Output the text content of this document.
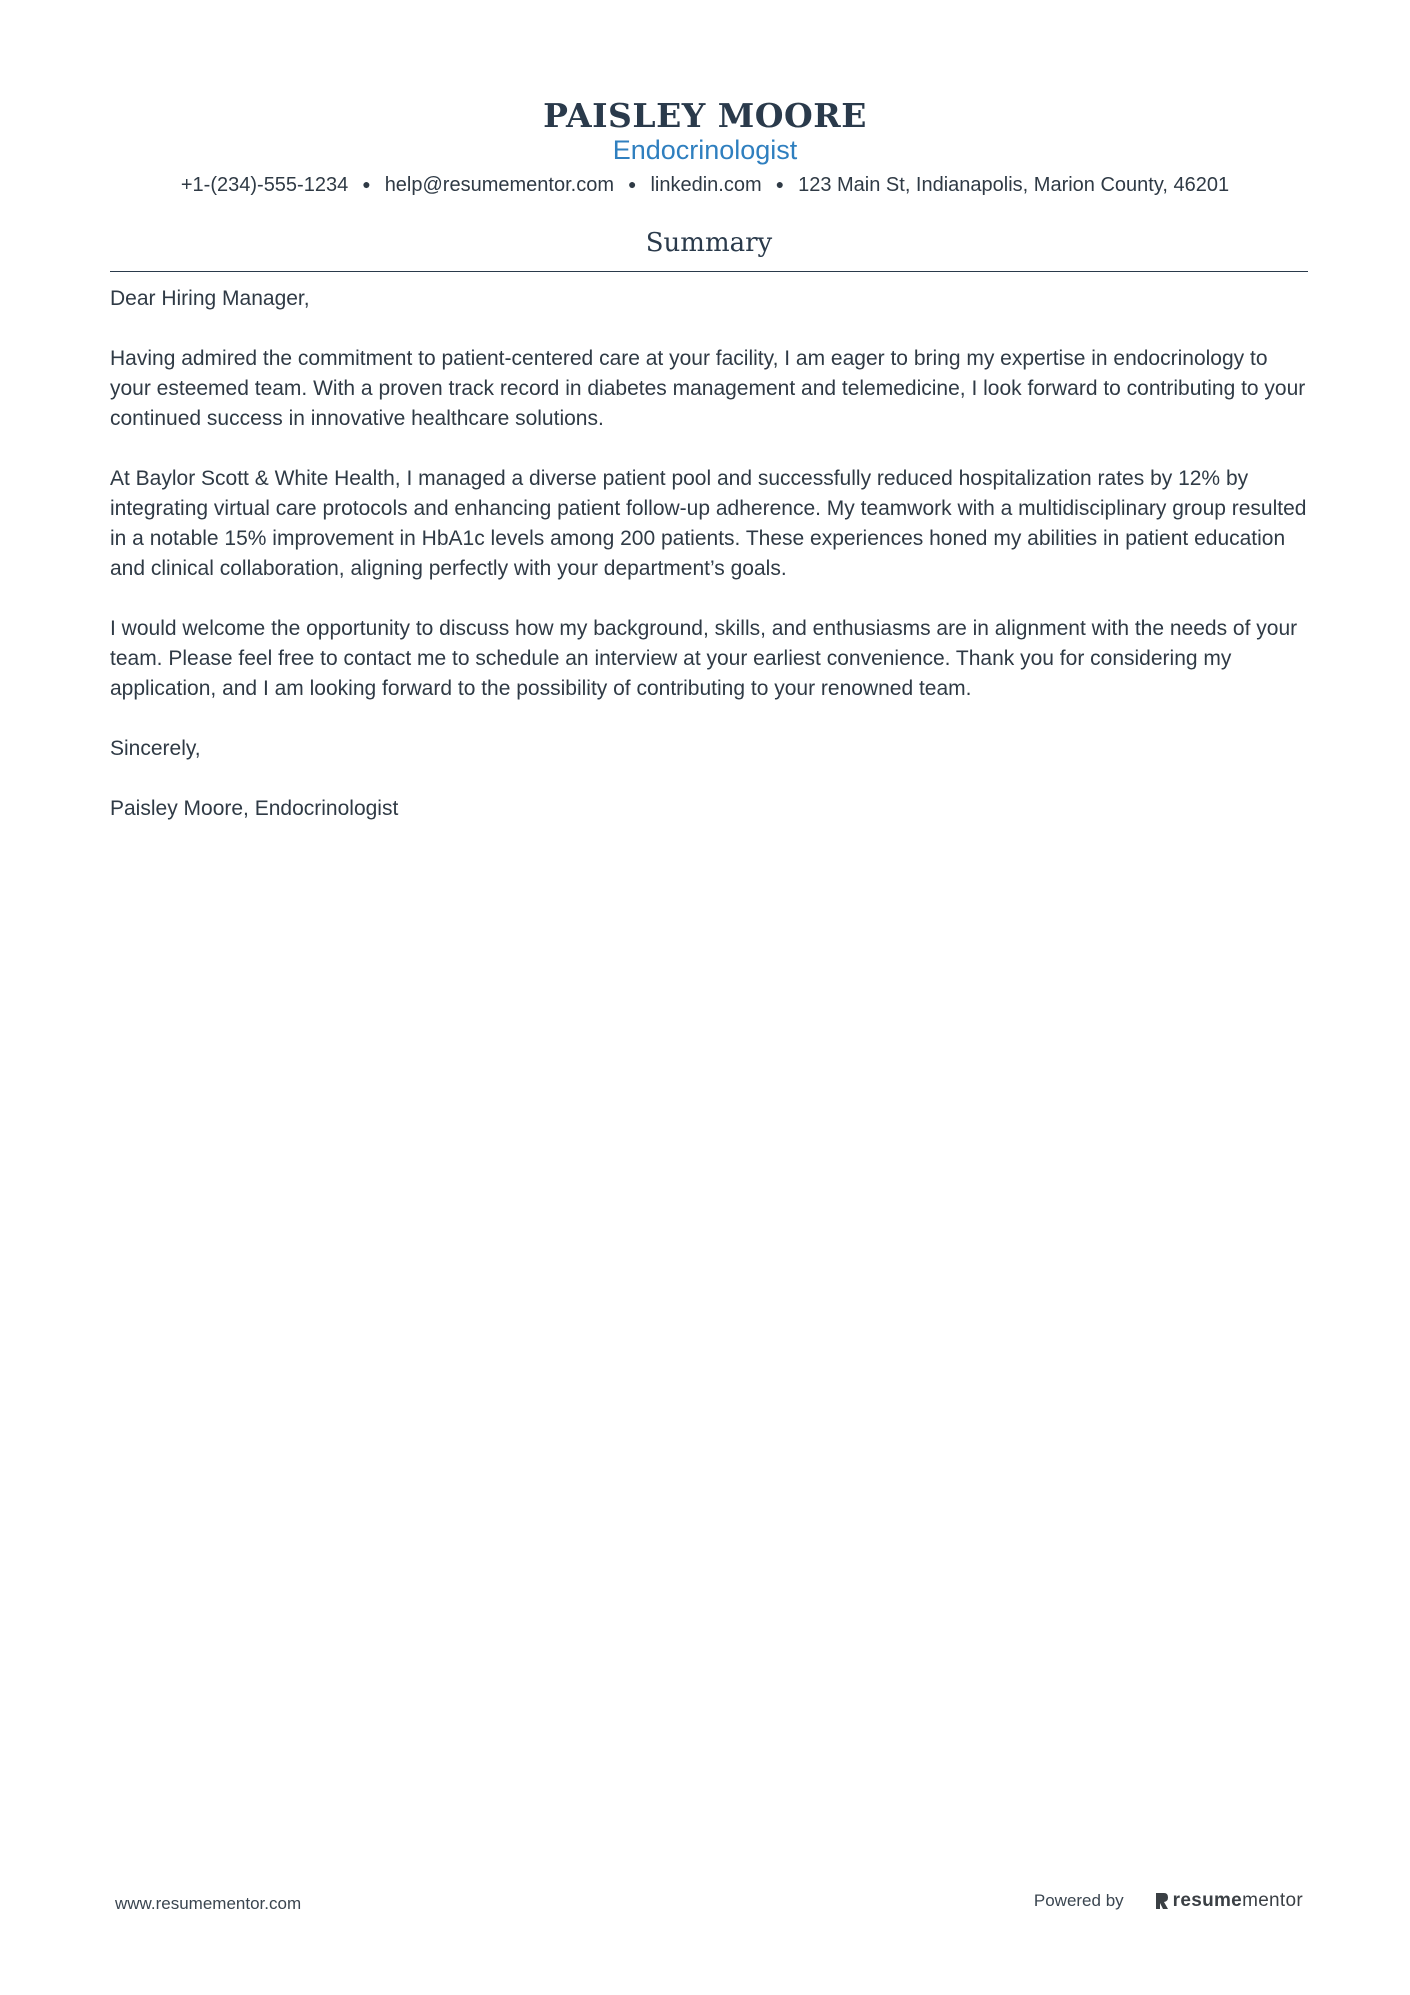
PAISLEY MOORE
Endocrinologist
+1-(234)-555-1234 ● help@resumementor.com ● linkedin.com ● 123 Main St, Indianapolis, Marion County, 46201
Summary

Dear Hiring Manager,

Having admired the commitment to patient-centered care at your facility, I am eager to bring my expertise in endocrinology to your esteemed team. With a proven track record in diabetes management and telemedicine, I look forward to contributing to your continued success in innovative healthcare solutions.

At Baylor Scott & White Health, I managed a diverse patient pool and successfully reduced hospitalization rates by 12% by integrating virtual care protocols and enhancing patient follow-up adherence. My teamwork with a multidisciplinary group resulted in a notable 15% improvement in HbA1c levels among 200 patients. These experiences honed my abilities in patient education and clinical collaboration, aligning perfectly with your department’s goals.

I would welcome the opportunity to discuss how my background, skills, and enthusiasms are in alignment with the needs of your team. Please feel free to contact me to schedule an interview at your earliest convenience. Thank you for considering my application, and I am looking forward to the possibility of contributing to your renowned team.

Sincerely,

Paisley Moore, Endocrinologist

www.resumementor.com	Powered by	resume mentor
